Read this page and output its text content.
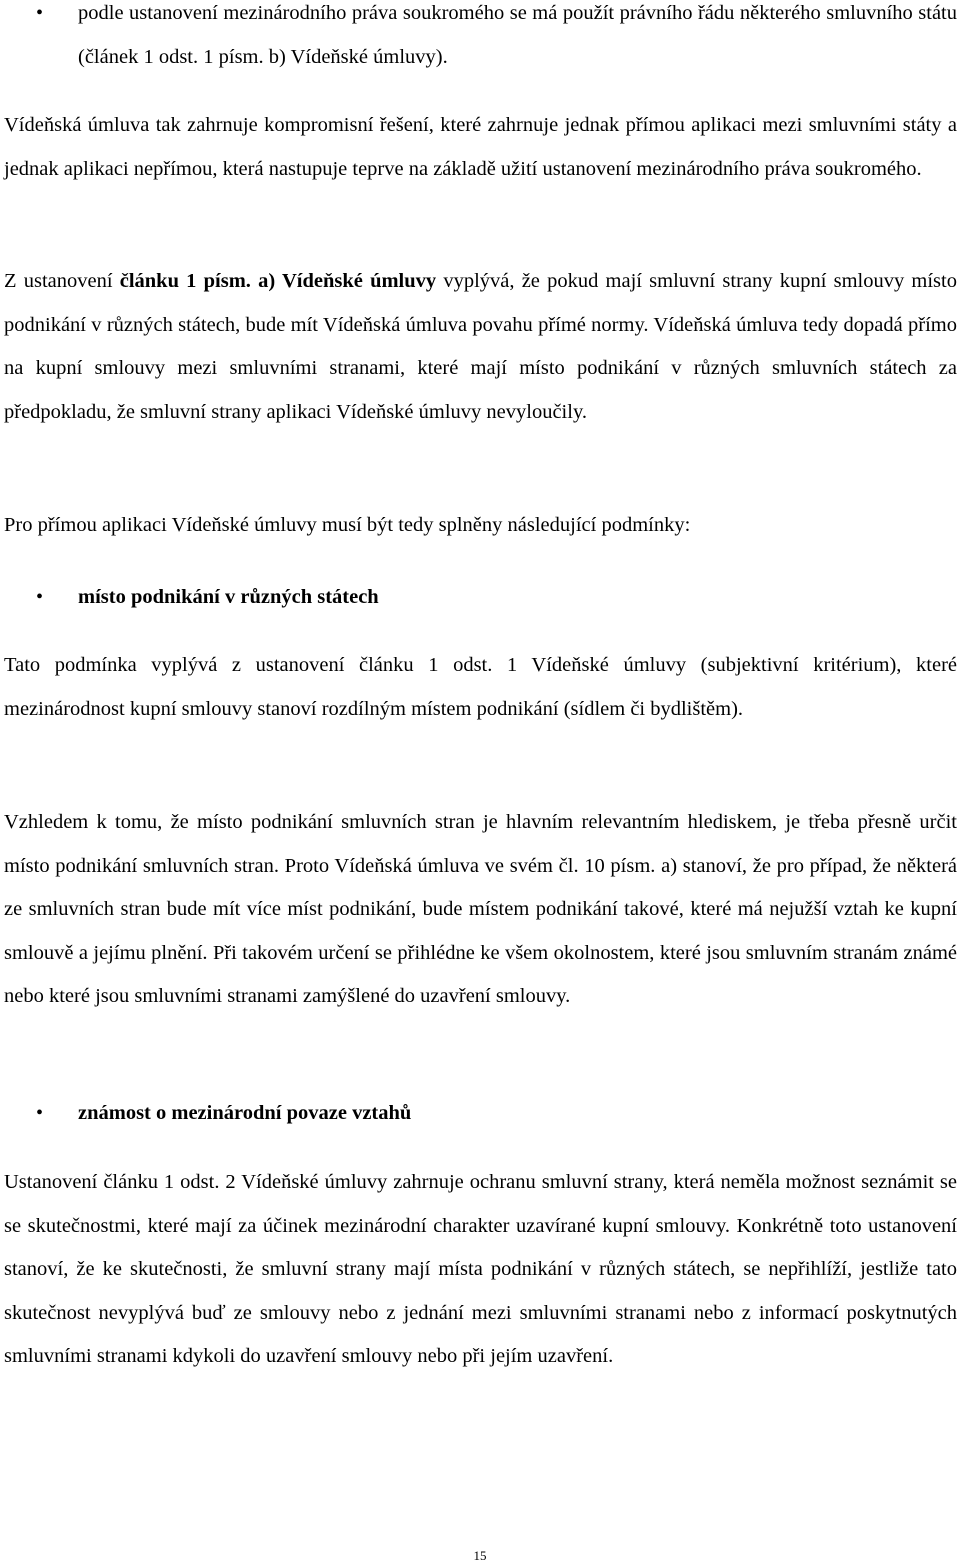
• podle ustanovení mezinárodního práva soukromého se má použít právního řádu některého smluvního státu (článek 1 odst. 1 písm. b) Vídeňské úmluvy).

Vídeňská úmluva tak zahrnuje kompromisní řešení, které zahrnuje jednak přímou aplikaci mezi smluvními státy a jednak aplikaci nepřímou, která nastupuje teprve na základě užití ustanovení mezinárodního práva soukromého.

Z ustanovení článku 1 písm. a) Vídeňské úmluvy vyplývá, že pokud mají smluvní strany kupní smlouvy místo podnikání v různých státech, bude mít Vídeňská úmluva povahu přímé normy. Vídeňská úmluva tedy dopadá přímo na kupní smlouvy mezi smluvními stranami, které mají místo podnikání v různých smluvních státech za předpokladu, že smluvní strany aplikaci Vídeňské úmluvy nevyloučily.

Pro přímou aplikaci Vídeňské úmluvy musí být tedy splněny následující podmínky:

• místo podnikání v různých státech

Tato podmínka vyplývá z ustanovení článku 1 odst. 1 Vídeňské úmluvy (subjektivní kritérium), které mezinárodnost kupní smlouvy stanoví rozdílným místem podnikání (sídlem či bydlištěm).

Vzhledem k tomu, že místo podnikání smluvních stran je hlavním relevantním hlediskem, je třeba přesně určit místo podnikání smluvních stran. Proto Vídeňská úmluva ve svém čl. 10 písm. a) stanoví, že pro případ, že některá ze smluvních stran bude mít více míst podnikání, bude místem podnikání takové, které má nejužší vztah ke kupní smlouvě a jejímu plnění. Při takovém určení se přihlédne ke všem okolnostem, které jsou smluvním stranám známé nebo které jsou smluvními stranami zamýšlené do uzavření smlouvy.

• známost o mezinárodní povaze vztahů

Ustanovení článku 1 odst. 2 Vídeňské úmluvy zahrnuje ochranu smluvní strany, která neměla možnost seznámit se se skutečnostmi, které mají za účinek mezinárodní charakter uzavírané kupní smlouvy. Konkrétně toto ustanovení stanoví, že ke skutečnosti, že smluvní strany mají místa podnikání v různých státech, se nepřihlíží, jestliže tato skutečnost nevyplývá buď ze smlouvy nebo z jednání mezi smluvními stranami nebo z informací poskytnutých smluvními stranami kdykoli do uzavření smlouvy nebo při jejím uzavření.

15
